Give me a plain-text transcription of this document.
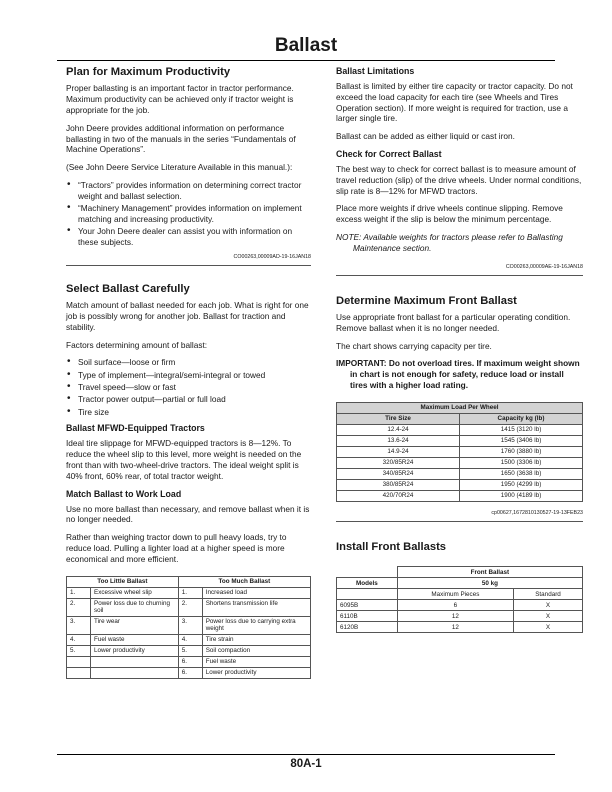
Ballast
Plan for Maximum Productivity

Proper ballasting is an important factor in tractor performance. Maximum productivity can be achieved only if tractor weight is appropriate for the job.

John Deere provides additional information on performance ballasting in two of the manuals in the series “Fundamentals of Machine Operations”.

(See John Deere Service Literature Available in this manual.):

• “Tractors” provides information on determining correct tractor weight and ballast selection.
• “Machinery Management” provides information on implement matching and increasing productivity.
• Your John Deere dealer can assist you with information on these subjects.
CO00263,00009AD-19-16JAN18
Select Ballast Carefully

Match amount of ballast needed for each job. What is right for one job is possibly wrong for another job. Ballast for traction and stability.

Factors determining amount of ballast:

• Soil surface—loose or firm
• Type of implement—integral/semi-integral or towed
• Travel speed—slow or fast
• Tractor power output—partial or full load
• Tire size
Ballast MFWD-Equipped Tractors

Ideal tire slippage for MFWD-equipped tractors is 8—12%. To reduce the wheel slip to this level, more weight is needed on the front than with two-wheel-drive tractors. The ideal weight split is 40% front, 60% rear, of total tractor weight.

Match Ballast to Work Load

Use no more ballast than necessary, and remove ballast when it is no longer needed.

Rather than weighing tractor down to pull heavy loads, try to reduce load. Pulling a lighter load at a higher speed is more economical and more efficient.

Too Little Ballast		Too Much Ballast	
1.	Excessive wheel slip	1.	Increased load
2.	Power loss due to churning soil	2.	Shortens transmission life
3.	Tire wear	3.	Power loss due to carrying extra weight
4.	Fuel waste	4.	Tire strain
5.	Lower productivity	5.	Soil compaction
		6.	Fuel waste
		6.	Lower productivity
Ballast Limitations

Ballast is limited by either tire capacity or tractor capacity. Do not exceed the load capacity for each tire (see Wheels and Tires Operation section). If more weight is required for traction, use a larger single tire.

Ballast can be added as either liquid or cast iron.

Check for Correct Ballast

The best way to check for correct ballast is to measure amount of travel reduction (slip) of the drive wheels. Under normal conditions, slip rate is 8—12% for MFWD tractors.

Place more weights if drive wheels continue slipping. Remove excess weight if the slip is below the minimum percentage.

NOTE: Available weights for tractors please refer to Ballasting Maintenance section.
CO00263,00009AE-19-16JAN18
Determine Maximum Front Ballast

Use appropriate front ballast for a particular operating condition. Remove ballast when it is no longer needed.

The chart shows carrying capacity per tire.

IMPORTANT: Do not overload tires. If maximum weight shown in chart is not enough for safety, reduce load or install tires with a higher load rating.
Maximum Load Per Wheel	
Tire Size	Capacity kg (lb)
12.4-24	1415 (3120 lb)
13.6-24	1545 (3406 lb)
14.9-24	1760 (3880 lb)
320/85R24	1500 (3306 lb)
340/85R24	1650 (3638 lb)
380/85R24	1950 (4299 lb)
420/70R24	1900 (4189 lb)
cp00627,1672810130527-19-13FEB23
Install Front Ballasts
	Front Ballast	
Models	50 kg	
	Maximum Pieces	Standard
6095B	6	X
6110B	12	X
6120B	12	X
80A-1
